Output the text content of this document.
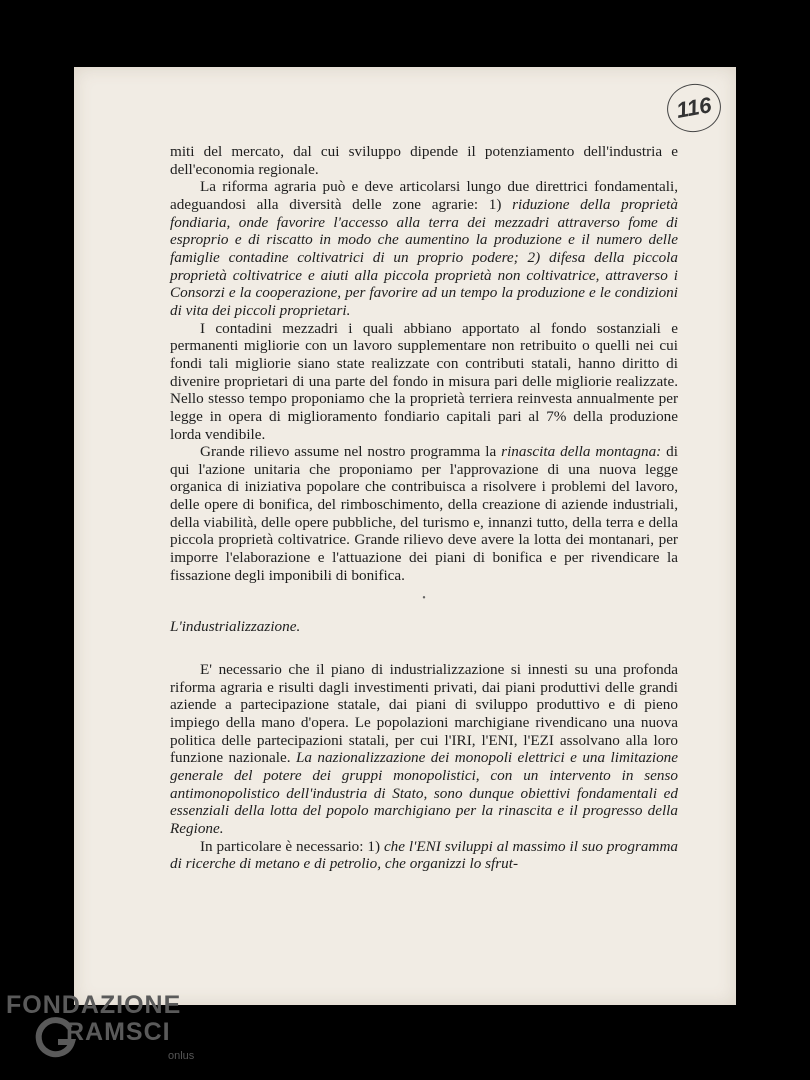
116

miti del mercato, dal cui sviluppo dipende il potenziamento dell'industria e dell'economia regionale.

La riforma agraria può e deve articolarsi lungo due direttrici fondamentali, adeguandosi alla diversità delle zone agrarie: 1) riduzione della proprietà fondiaria, onde favorire l'accesso alla terra dei mezzadri attraverso fome di esproprio e di riscatto in modo che aumentino la produzione e il numero delle famiglie contadine coltivatrici di un proprio podere; 2) difesa della piccola proprietà coltivatrice e aiuti alla piccola proprietà non coltivatrice, attraverso i Consorzi e la cooperazione, per favorire ad un tempo la produzione e le condizioni di vita dei piccoli proprietari.

I contadini mezzadri i quali abbiano apportato al fondo sostanziali e permanenti migliorie con un lavoro supplementare non retribuito o quelli nei cui fondi tali migliorie siano state realizzate con contributi statali, hanno diritto di divenire proprietari di una parte del fondo in misura pari delle migliorie realizzate. Nello stesso tempo proponiamo che la proprietà terriera reinvesta annualmente per legge in opera di miglioramento fondiario capitali pari al 7% della produzione lorda vendibile.

Grande rilievo assume nel nostro programma la rinascita della montagna: di qui l'azione unitaria che proponiamo per l'approvazione di una nuova legge organica di iniziativa popolare che contribuisca a risolvere i problemi del lavoro, delle opere di bonifica, del rimboschimento, della creazione di aziende industriali, della viabilità, delle opere pubbliche, del turismo e, innanzi tutto, della terra e della piccola proprietà coltivatrice. Grande rilievo deve avere la lotta dei montanari, per imporre l'elaborazione e l'attuazione dei piani di bonifica e per rivendicare la fissazione degli imponibili di bonifica.

•
L'industrializzazione.

E' necessario che il piano di industrializzazione si innesti su una profonda riforma agraria e risulti dagli investimenti privati, dai piani produttivi delle grandi aziende a partecipazione statale, dai piani di sviluppo produttivo e di pieno impiego della mano d'opera. Le popolazioni marchigiane rivendicano una nuova politica delle partecipazioni statali, per cui l'IRI, l'ENI, l'EZI assolvano alla loro funzione nazionale. La nazionalizzazione dei monopoli elettrici e una limitazione generale del potere dei gruppi monopolistici, con un intervento in senso antimonopolistico dell'industria di Stato, sono dunque obiettivi fondamentali ed essenziali della lotta del popolo marchigiano per la rinascita e il progresso della Regione.

In particolare è necessario: 1) che l'ENI sviluppi al massimo il suo programma di ricerche di metano e di petrolio, che organizzi lo sfrut-

FONDAZIONE
RAMSCI
onlus
